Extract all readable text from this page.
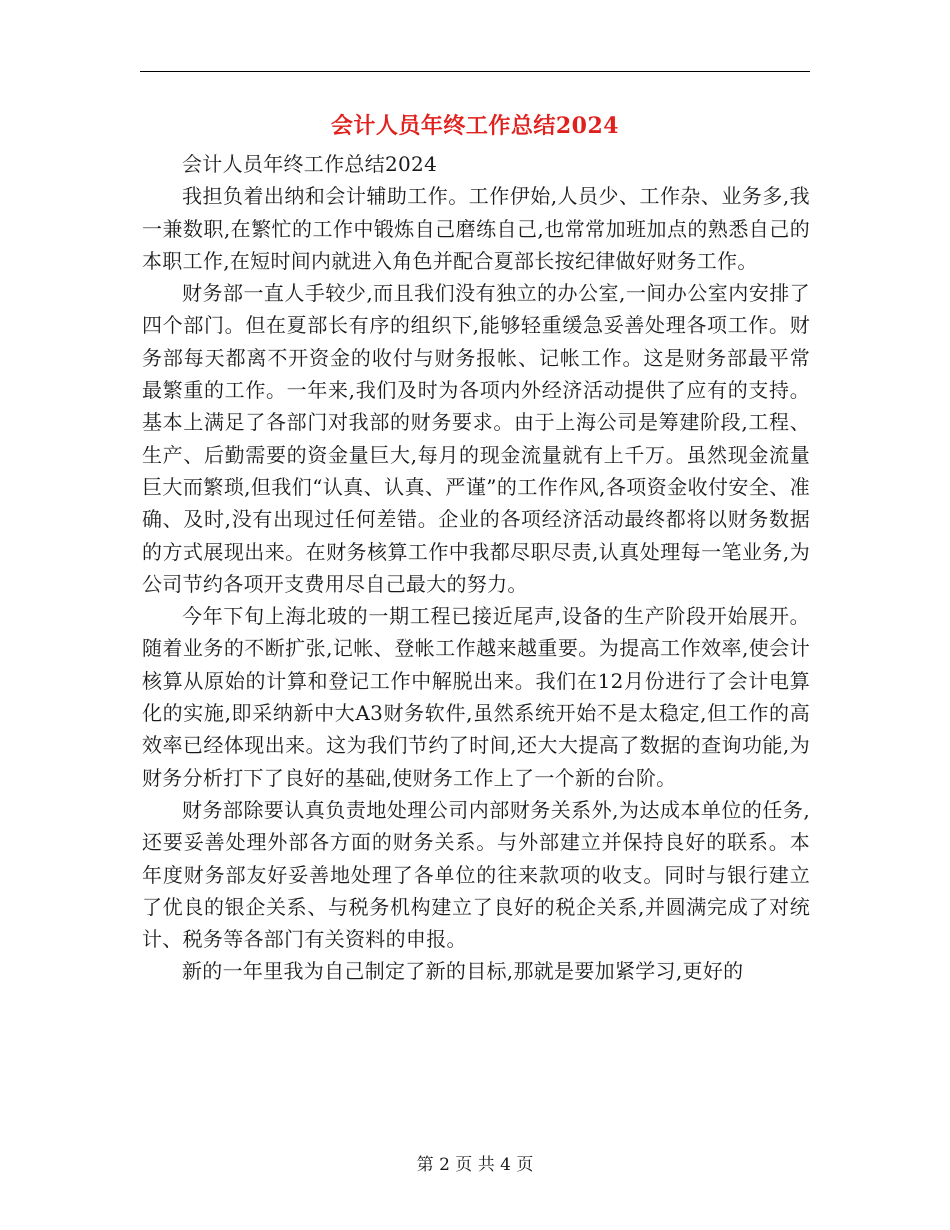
会计人员年终工作总结2024

会计人员年终工作总结2024

我担负着出纳和会计辅助工作。工作伊始,人员少、工作杂、业务多,我一兼数职,在繁忙的工作中锻炼自己磨练自己,也常常加班加点的熟悉自己的本职工作,在短时间内就进入角色并配合夏部长按纪律做好财务工作。

财务部一直人手较少,而且我们没有独立的办公室,一间办公室内安排了四个部门。但在夏部长有序的组织下,能够轻重缓急妥善处理各项工作。财务部每天都离不开资金的收付与财务报帐、记帐工作。这是财务部最平常最繁重的工作。一年来,我们及时为各项内外经济活动提供了应有的支持。基本上满足了各部门对我部的财务要求。由于上海公司是筹建阶段,工程、生产、后勤需要的资金量巨大,每月的现金流量就有上千万。虽然现金流量巨大而繁琐,但我们“认真、认真、严谨”的工作作风,各项资金收付安全、准确、及时,没有出现过任何差错。企业的各项经济活动最终都将以财务数据的方式展现出来。在财务核算工作中我都尽职尽责,认真处理每一笔业务,为公司节约各项开支费用尽自己最大的努力。

今年下旬上海北玻的一期工程已接近尾声,设备的生产阶段开始展开。随着业务的不断扩张,记帐、登帐工作越来越重要。为提高工作效率,使会计核算从原始的计算和登记工作中解脱出来。我们在12月份进行了会计电算化的实施,即采纳新中大A3财务软件,虽然系统开始不是太稳定,但工作的高效率已经体现出来。这为我们节约了时间,还大大提高了数据的查询功能,为财务分析打下了良好的基础,使财务工作上了一个新的台阶。

财务部除要认真负责地处理公司内部财务关系外,为达成本单位的任务,还要妥善处理外部各方面的财务关系。与外部建立并保持良好的联系。本年度财务部友好妥善地处理了各单位的往来款项的收支。同时与银行建立了优良的银企关系、与税务机构建立了良好的税企关系,并圆满完成了对统计、税务等各部门有关资料的申报。

新的一年里我为自己制定了新的目标,那就是要加紧学习,更好的

第 2 页 共 4 页
